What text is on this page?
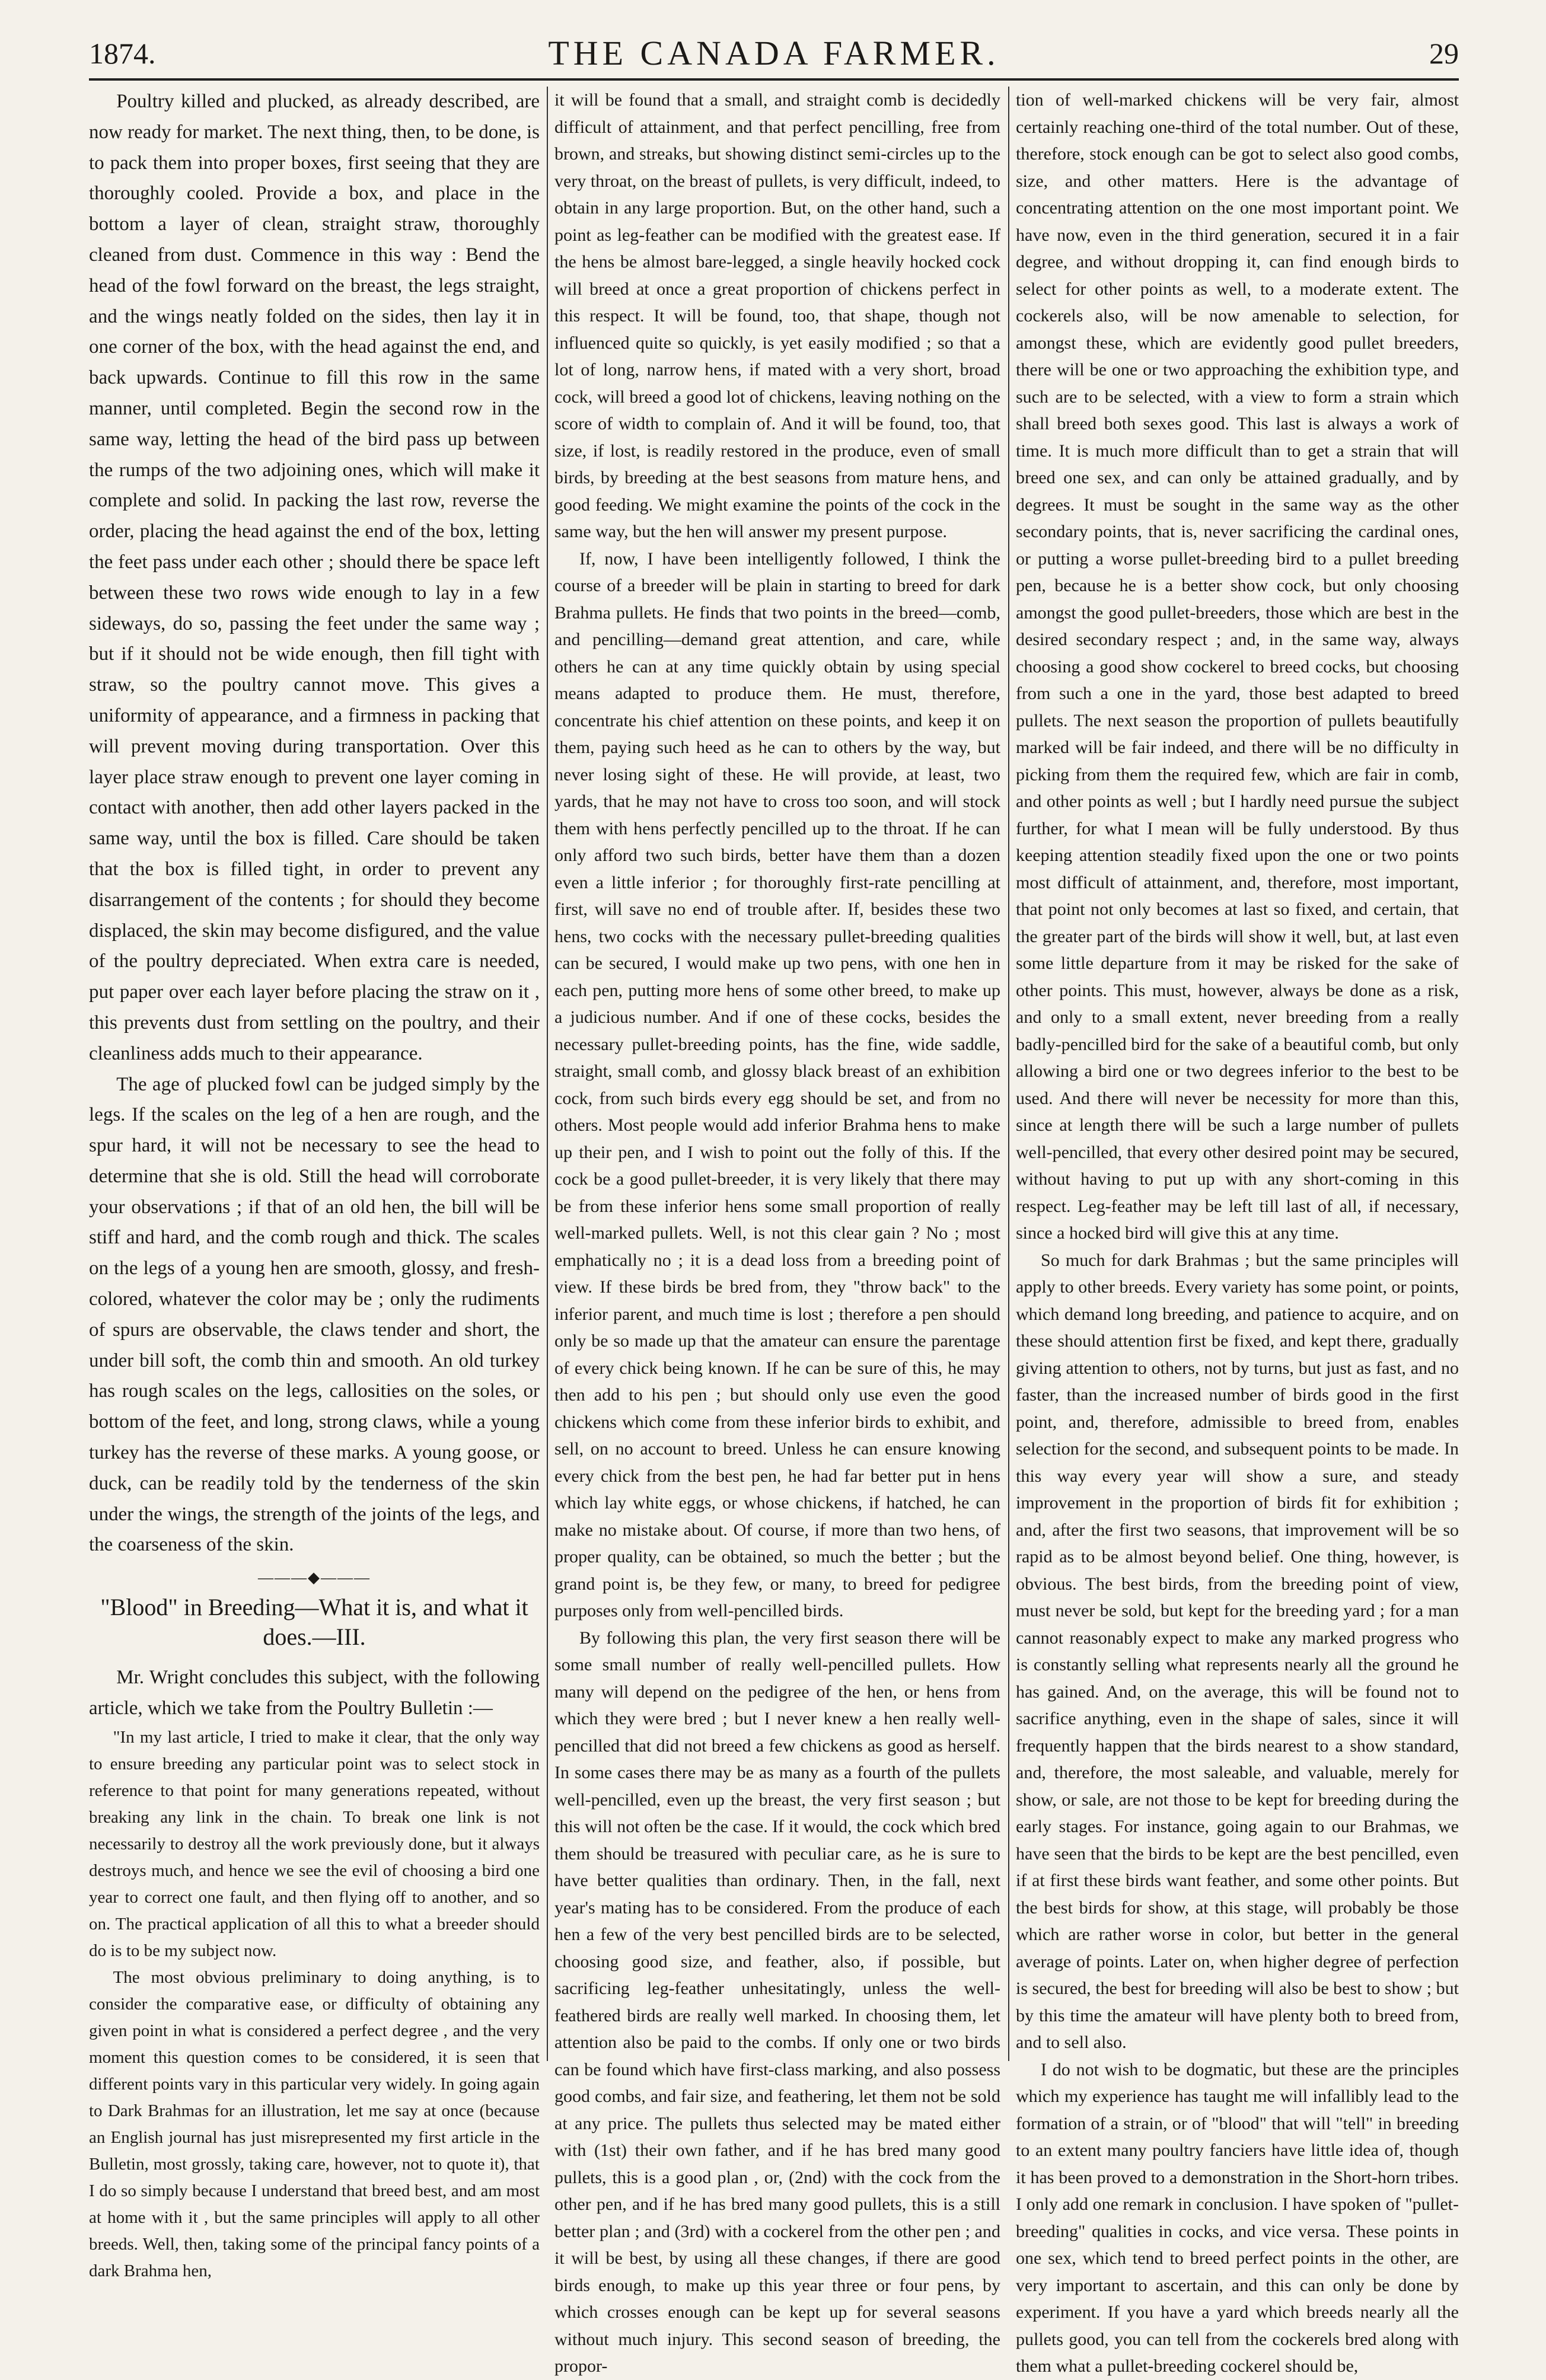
1874.	THE CANADA FARMER.	29

Poultry killed and plucked, as already described, are now ready for market. The next thing, then, to be done, is to pack them into proper boxes, first seeing that they are thoroughly cooled. Provide a box, and place in the bottom a layer of clean, straight straw, thoroughly cleaned from dust. Commence in this way : Bend the head of the fowl forward on the breast, the legs straight, and the wings neatly folded on the sides, then lay it in one corner of the box, with the head against the end, and back upwards. Continue to fill this row in the same manner, until completed. Begin the second row in the same way, letting the head of the bird pass up between the rumps of the two adjoining ones, which will make it complete and solid. In packing the last row, reverse the order, placing the head against the end of the box, letting the feet pass under each other ; should there be space left between these two rows wide enough to lay in a few sideways, do so, passing the feet under the same way ; but if it should not be wide enough, then fill tight with straw, so the poultry cannot move. This gives a uniformity of appearance, and a firmness in packing that will prevent moving during transportation. Over this layer place straw enough to prevent one layer coming in contact with another, then add other layers packed in the same way, until the box is filled. Care should be taken that the box is filled tight, in order to prevent any disarrangement of the contents ; for should they become displaced, the skin may become disfigured, and the value of the poultry depreciated. When extra care is needed, put paper over each layer before placing the straw on it , this prevents dust from settling on the poultry, and their cleanliness adds much to their appearance.

The age of plucked fowl can be judged simply by the legs. If the scales on the leg of a hen are rough, and the spur hard, it will not be necessary to see the head to determine that she is old. Still the head will corroborate your observations ; if that of an old hen, the bill will be stiff and hard, and the comb rough and thick. The scales on the legs of a young hen are smooth, glossy, and fresh-colored, whatever the color may be ; only the rudiments of spurs are observable, the claws tender and short, the under bill soft, the comb thin and smooth. An old turkey has rough scales on the legs, callosities on the soles, or bottom of the feet, and long, strong claws, while a young turkey has the reverse of these marks. A young goose, or duck, can be readily told by the tenderness of the skin under the wings, the strength of the joints of the legs, and the coarseness of the skin.

———◆———
"Blood" in Breeding—What it is, and what it does.—III.

Mr. Wright concludes this subject, with the following article, which we take from the Poultry Bulletin :—

"In my last article, I tried to make it clear, that the only way to ensure breeding any particular point was to select stock in reference to that point for many generations repeated, without breaking any link in the chain. To break one link is not necessarily to destroy all the work previously done, but it always destroys much, and hence we see the evil of choosing a bird one year to correct one fault, and then flying off to another, and so on. The practical application of all this to what a breeder should do is to be my subject now.

The most obvious preliminary to doing anything, is to consider the comparative ease, or difficulty of obtaining any given point in what is considered a perfect degree , and the very moment this question comes to be considered, it is seen that different points vary in this particular very widely. In going again to Dark Brahmas for an illustration, let me say at once (because an English journal has just misrepresented my first article in the Bulletin, most grossly, taking care, however, not to quote it), that I do so simply because I understand that breed best, and am most at home with it , but the same principles will apply to all other breeds. Well, then, taking some of the principal fancy points of a dark Brahma hen,

it will be found that a small, and straight comb is decidedly difficult of attainment, and that perfect pencilling, free from brown, and streaks, but showing distinct semi-circles up to the very throat, on the breast of pullets, is very difficult, indeed, to obtain in any large proportion. But, on the other hand, such a point as leg-feather can be modified with the greatest ease. If the hens be almost bare-legged, a single heavily hocked cock will breed at once a great proportion of chickens perfect in this respect. It will be found, too, that shape, though not influenced quite so quickly, is yet easily modified ; so that a lot of long, narrow hens, if mated with a very short, broad cock, will breed a good lot of chickens, leaving nothing on the score of width to complain of. And it will be found, too, that size, if lost, is readily restored in the produce, even of small birds, by breeding at the best seasons from mature hens, and good feeding. We might examine the points of the cock in the same way, but the hen will answer my present purpose.

If, now, I have been intelligently followed, I think the course of a breeder will be plain in starting to breed for dark Brahma pullets. He finds that two points in the breed—comb, and pencilling—demand great attention, and care, while others he can at any time quickly obtain by using special means adapted to produce them. He must, therefore, concentrate his chief attention on these points, and keep it on them, paying such heed as he can to others by the way, but never losing sight of these. He will provide, at least, two yards, that he may not have to cross too soon, and will stock them with hens perfectly pencilled up to the throat. If he can only afford two such birds, better have them than a dozen even a little inferior ; for thoroughly first-rate pencilling at first, will save no end of trouble after. If, besides these two hens, two cocks with the necessary pullet-breeding qualities can be secured, I would make up two pens, with one hen in each pen, putting more hens of some other breed, to make up a judicious number. And if one of these cocks, besides the necessary pullet-breeding points, has the fine, wide saddle, straight, small comb, and glossy black breast of an exhibition cock, from such birds every egg should be set, and from no others. Most people would add inferior Brahma hens to make up their pen, and I wish to point out the folly of this. If the cock be a good pullet-breeder, it is very likely that there may be from these inferior hens some small proportion of really well-marked pullets. Well, is not this clear gain ? No ; most emphatically no ; it is a dead loss from a breeding point of view. If these birds be bred from, they "throw back" to the inferior parent, and much time is lost ; therefore a pen should only be so made up that the amateur can ensure the parentage of every chick being known. If he can be sure of this, he may then add to his pen ; but should only use even the good chickens which come from these inferior birds to exhibit, and sell, on no account to breed. Unless he can ensure knowing every chick from the best pen, he had far better put in hens which lay white eggs, or whose chickens, if hatched, he can make no mistake about. Of course, if more than two hens, of proper quality, can be obtained, so much the better ; but the grand point is, be they few, or many, to breed for pedigree purposes only from well-pencilled birds.

By following this plan, the very first season there will be some small number of really well-pencilled pullets. How many will depend on the pedigree of the hen, or hens from which they were bred ; but I never knew a hen really well-pencilled that did not breed a few chickens as good as herself. In some cases there may be as many as a fourth of the pullets well-pencilled, even up the breast, the very first season ; but this will not often be the case. If it would, the cock which bred them should be treasured with peculiar care, as he is sure to have better qualities than ordinary. Then, in the fall, next year's mating has to be considered. From the produce of each hen a few of the very best pencilled birds are to be selected, choosing good size, and feather, also, if possible, but sacrificing leg-feather unhesitatingly, unless the well-feathered birds are really well marked. In choosing them, let attention also be paid to the combs. If only one or two birds can be found which have first-class marking, and also possess good combs, and fair size, and feathering, let them not be sold at any price. The pullets thus selected may be mated either with (1st) their own father, and if he has bred many good pullets, this is a good plan , or, (2nd) with the cock from the other pen, and if he has bred many good pullets, this is a still better plan ; and (3rd) with a cockerel from the other pen ; and it will be best, by using all these changes, if there are good birds enough, to make up this year three or four pens, by which crosses enough can be kept up for several seasons without much injury. This second season of breeding, the propor-

tion of well-marked chickens will be very fair, almost certainly reaching one-third of the total number. Out of these, therefore, stock enough can be got to select also good combs, size, and other matters. Here is the advantage of concentrating attention on the one most important point. We have now, even in the third generation, secured it in a fair degree, and without dropping it, can find enough birds to select for other points as well, to a moderate extent. The cockerels also, will be now amenable to selection, for amongst these, which are evidently good pullet breeders, there will be one or two approaching the exhibition type, and such are to be selected, with a view to form a strain which shall breed both sexes good. This last is always a work of time. It is much more difficult than to get a strain that will breed one sex, and can only be attained gradually, and by degrees. It must be sought in the same way as the other secondary points, that is, never sacrificing the cardinal ones, or putting a worse pullet-breeding bird to a pullet breeding pen, because he is a better show cock, but only choosing amongst the good pullet-breeders, those which are best in the desired secondary respect ; and, in the same way, always choosing a good show cockerel to breed cocks, but choosing from such a one in the yard, those best adapted to breed pullets. The next season the proportion of pullets beautifully marked will be fair indeed, and there will be no difficulty in picking from them the required few, which are fair in comb, and other points as well ; but I hardly need pursue the subject further, for what I mean will be fully understood. By thus keeping attention steadily fixed upon the one or two points most difficult of attainment, and, therefore, most important, that point not only becomes at last so fixed, and certain, that the greater part of the birds will show it well, but, at last even some little departure from it may be risked for the sake of other points. This must, however, always be done as a risk, and only to a small extent, never breeding from a really badly-pencilled bird for the sake of a beautiful comb, but only allowing a bird one or two degrees inferior to the best to be used. And there will never be necessity for more than this, since at length there will be such a large number of pullets well-pencilled, that every other desired point may be secured, without having to put up with any short-coming in this respect. Leg-feather may be left till last of all, if necessary, since a hocked bird will give this at any time.

So much for dark Brahmas ; but the same principles will apply to other breeds. Every variety has some point, or points, which demand long breeding, and patience to acquire, and on these should attention first be fixed, and kept there, gradually giving attention to others, not by turns, but just as fast, and no faster, than the increased number of birds good in the first point, and, therefore, admissible to breed from, enables selection for the second, and subsequent points to be made. In this way every year will show a sure, and steady improvement in the proportion of birds fit for exhibition ; and, after the first two seasons, that improvement will be so rapid as to be almost beyond belief. One thing, however, is obvious. The best birds, from the breeding point of view, must never be sold, but kept for the breeding yard ; for a man cannot reasonably expect to make any marked progress who is constantly selling what represents nearly all the ground he has gained. And, on the average, this will be found not to sacrifice anything, even in the shape of sales, since it will frequently happen that the birds nearest to a show standard, and, therefore, the most saleable, and valuable, merely for show, or sale, are not those to be kept for breeding during the early stages. For instance, going again to our Brahmas, we have seen that the birds to be kept are the best pencilled, even if at first these birds want feather, and some other points. But the best birds for show, at this stage, will probably be those which are rather worse in color, but better in the general average of points. Later on, when higher degree of perfection is secured, the best for breeding will also be best to show ; but by this time the amateur will have plenty both to breed from, and to sell also.

I do not wish to be dogmatic, but these are the principles which my experience has taught me will infallibly lead to the formation of a strain, or of "blood" that will "tell" in breeding to an extent many poultry fanciers have little idea of, though it has been proved to a demonstration in the Short-horn tribes. I only add one remark in conclusion. I have spoken of "pullet-breeding" qualities in cocks, and vice versa. These points in one sex, which tend to breed perfect points in the other, are very important to ascertain, and this can only be done by experiment. If you have a yard which breeds nearly all the pullets good, you can tell from the cockerels bred along with them what a pullet-breeding cockerel should be,
